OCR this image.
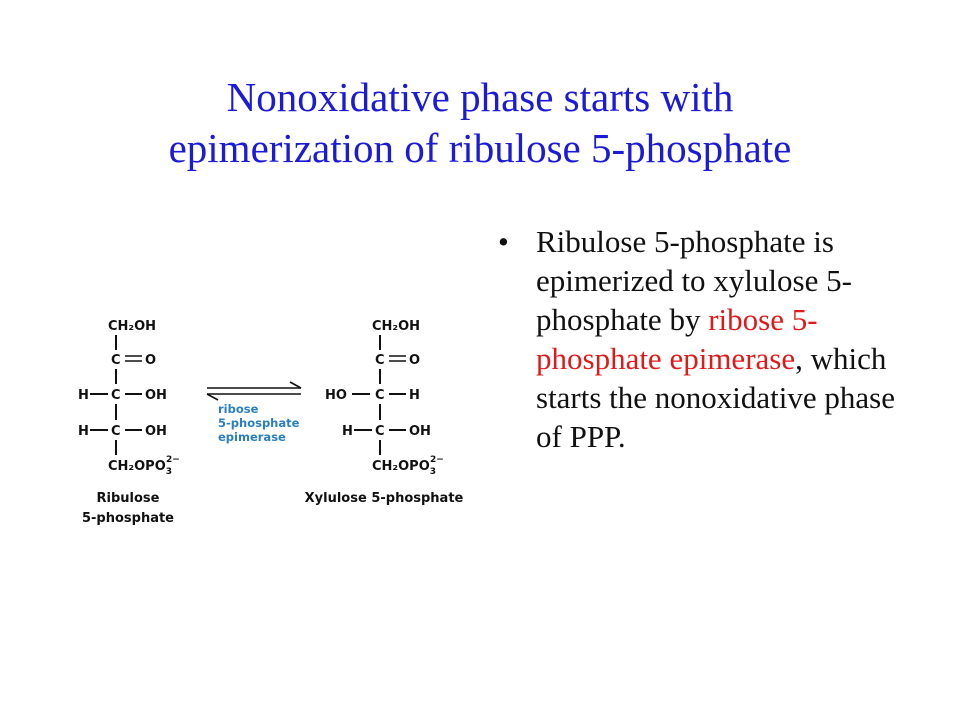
Nonoxidative phase starts with
epimerization of ribulose 5-phosphate
CH₂OH
C O
H C OH
H C OH
$CH_2OPO_32-$
Ribulose
5-phosphate
ribose
5-phosphate
epimerase
CH₂OH
C O
HO C H
H C OH
$CH_2OPO_32-$
Xylulose 5-phosphate
• Ribulose 5-phosphate is epimerized to xylulose 5-phosphate by ribose 5-phosphate epimerase, which starts the nonoxidative phase of PPP.
